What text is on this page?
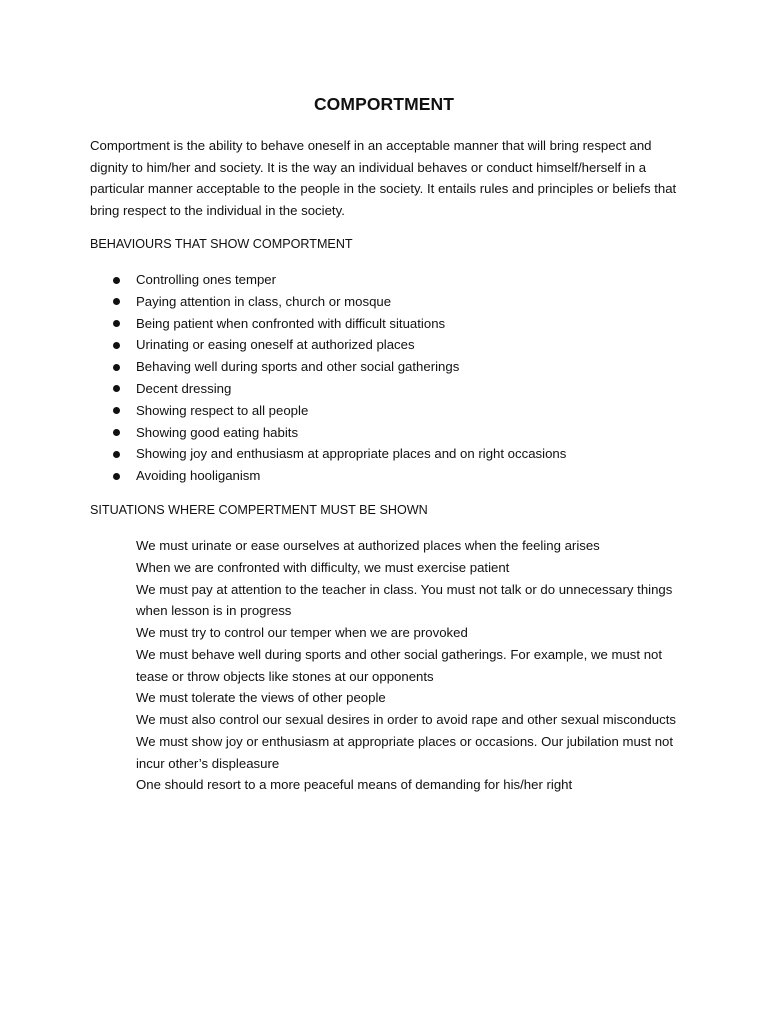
COMPORTMENT

Comportment is the ability to behave oneself in an acceptable manner that will bring respect and dignity to him/her and society. It is the way an individual behaves or conduct himself/herself in a particular manner acceptable to the people in the society. It entails rules and principles or beliefs that bring respect to the individual in the society.

BEHAVIOURS THAT SHOW COMPORTMENT

Controlling ones temper
Paying attention in class, church or mosque
Being patient when confronted with difficult situations
Urinating or easing oneself at authorized places
Behaving well during sports and other social gatherings
Decent dressing
Showing respect to all people
Showing good eating habits
Showing joy and enthusiasm at appropriate places and on right occasions
Avoiding hooliganism

SITUATIONS WHERE COMPERTMENT MUST BE SHOWN

We must urinate or ease ourselves at authorized places when the feeling arises
When we are confronted with difficulty, we must exercise patient
We must pay at attention to the teacher in class. You must not talk or do unnecessary things when lesson is in progress
We must try to control our temper when we are provoked
We must behave well during sports and other social gatherings. For example, we must not tease or throw objects like stones at our opponents
We must tolerate the views of other people
We must also control our sexual desires in order to avoid rape and other sexual misconducts
We must show joy or enthusiasm at appropriate places or occasions. Our jubilation must not incur other’s displeasure
One should resort to a more peaceful means of demanding for his/her right
